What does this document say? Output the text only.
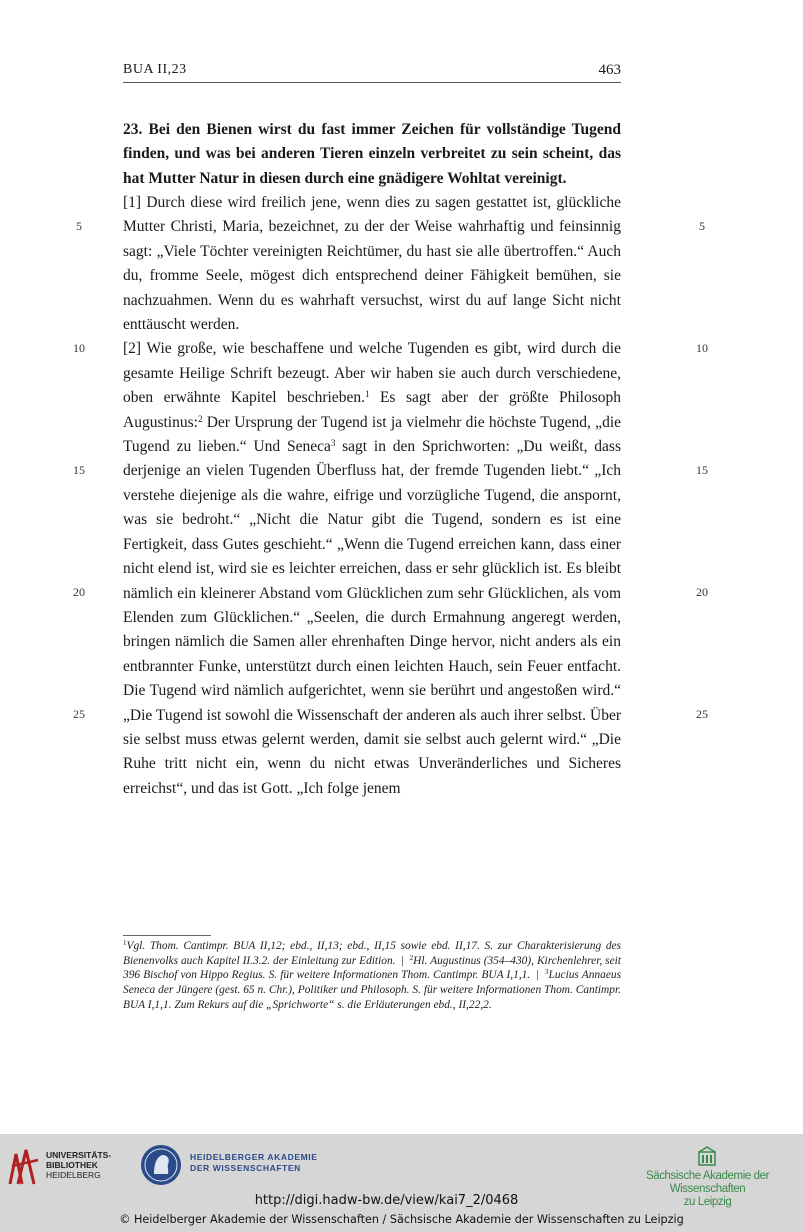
BUA II,23	463

23. Bei den Bienen wirst du fast immer Zeichen für vollständige Tugend finden, und was bei anderen Tieren einzeln verbreitet zu sein scheint, das hat Mutter Natur in diesen durch eine gnädigere Wohltat vereinigt.

[1] Durch diese wird freilich jene, wenn dies zu sagen gestattet ist, glückliche Mutter Christi, Maria, bezeichnet, zu der der Weise wahrhaftig und feinsinnig sagt: „Viele Töchter vereinigten Reichtümer, du hast sie alle übertroffen.“ Auch du, fromme Seele, mögest dich entsprechend deiner Fähigkeit bemühen, sie nachzuahmen. Wenn du es wahrhaft versuchst, wirst du auf lange Sicht nicht enttäuscht werden.

[2] Wie große, wie beschaffene und welche Tugenden es gibt, wird durch die gesamte Heilige Schrift bezeugt. Aber wir haben sie auch durch verschiedene, oben erwähnte Kapitel beschrieben.$^1$ Es sagt aber der größte Philosoph Augustinus:$^2$ Der Ursprung der Tugend ist ja vielmehr die höchste Tugend, „die Tugend zu lieben.“ Und Seneca$^3$ sagt in den Sprichworten: „Du weißt, dass derjenige an vielen Tugenden Überfluss hat, der fremde Tugenden liebt.“ „Ich verstehe diejenige als die wahre, eifrige und vorzügliche Tugend, die anspornt, was sie bedroht.“ „Nicht die Natur gibt die Tugend, sondern es ist eine Fertigkeit, dass Gutes geschieht.“ „Wenn die Tugend erreichen kann, dass einer nicht elend ist, wird sie es leichter erreichen, dass er sehr glücklich ist. Es bleibt nämlich ein kleinerer Abstand vom Glücklichen zum sehr Glücklichen, als vom Elenden zum Glücklichen.“ „Seelen, die durch Ermahnung angeregt werden, bringen nämlich die Samen aller ehrenhaften Dinge hervor, nicht anders als ein entbrannter Funke, unterstützt durch einen leichten Hauch, sein Feuer entfacht. Die Tugend wird nämlich aufgerichtet, wenn sie berührt und angestoßen wird.“ „Die Tugend ist sowohl die Wissenschaft der anderen als auch ihrer selbst. Über sie selbst muss etwas gelernt werden, damit sie selbst auch gelernt wird.“ „Die Ruhe tritt nicht ein, wenn du nicht etwas Unveränderliches und Sicheres erreichst“, und das ist Gott. „Ich folge jenem

5	5
10	10
15	15
20	20
25	25

$^1$Vgl. Thom. Cantimpr. BUA II,12; ebd., II,13; ebd., II,15 sowie ebd. II,17. S. zur Charakterisierung des Bienenvolks auch Kapitel II.3.2. der Einleitung zur Edition. | $^2$Hl. Augustinus (354–430), Kirchenlehrer, seit 396 Bischof von Hippo Regius. S. für weitere Informationen Thom. Cantimpr. BUA I,1,1. | $^3$Lucius Annaeus Seneca der Jüngere (gest. 65 n. Chr.), Politiker und Philosoph. S. für weitere Informationen Thom. Cantimpr. BUA I,1,1. Zum Rekurs auf die „Sprichworte“ s. die Erläuterungen ebd., II,22,2.

UNIVERSITÄTS-
BIBLIOTHEK
HEIDELBERG
HEIDELBERGER AKADEMIE
DER WISSENSCHAFTEN
Sächsische Akademie der Wissenschaften
zu Leipzig
http://digi.hadw-bw.de/view/kai7_2/0468
© Heidelberger Akademie der Wissenschaften / Sächsische Akademie der Wissenschaften zu Leipzig
